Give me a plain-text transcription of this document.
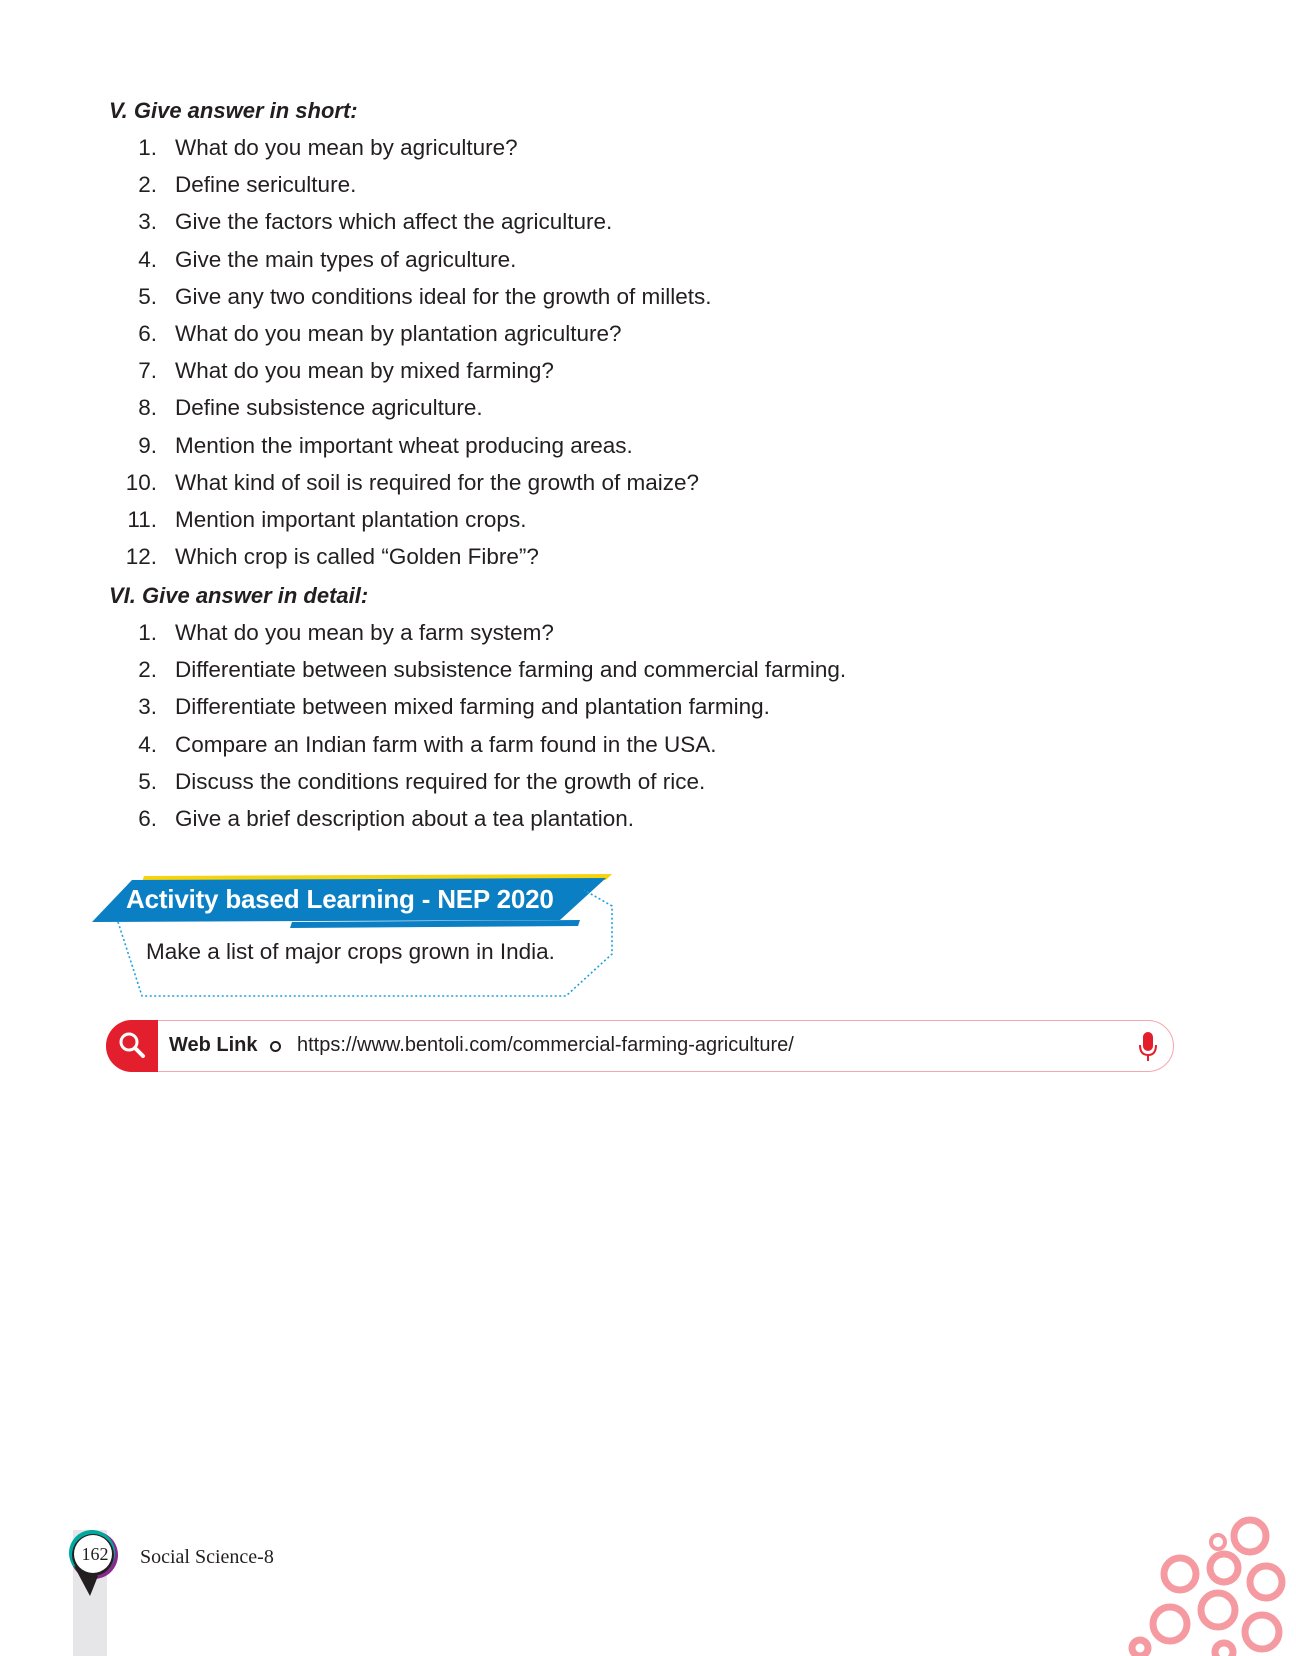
V. Give answer in short:
1. What do you mean by agriculture?
2. Define sericulture.
3. Give the factors which affect the agriculture.
4. Give the main types of agriculture.
5. Give any two conditions ideal for the growth of millets.
6. What do you mean by plantation agriculture?
7. What do you mean by mixed farming?
8. Define subsistence agriculture.
9. Mention the important wheat producing areas.
10. What kind of soil is required for the growth of maize?
11. Mention important plantation crops.
12. Which crop is called “Golden Fibre”?
VI. Give answer in detail:
1. What do you mean by a farm system?
2. Differentiate between subsistence farming and commercial farming.
3. Differentiate between mixed farming and plantation farming.
4. Compare an Indian farm with a farm found in the USA.
5. Discuss the conditions required for the growth of rice.
6. Give a brief description about a tea plantation.
Activity based Learning - NEP 2020
Make a list of major crops grown in India.
Web Link https://www.bentoli.com/commercial-farming-agriculture/
162	Social Science-8
